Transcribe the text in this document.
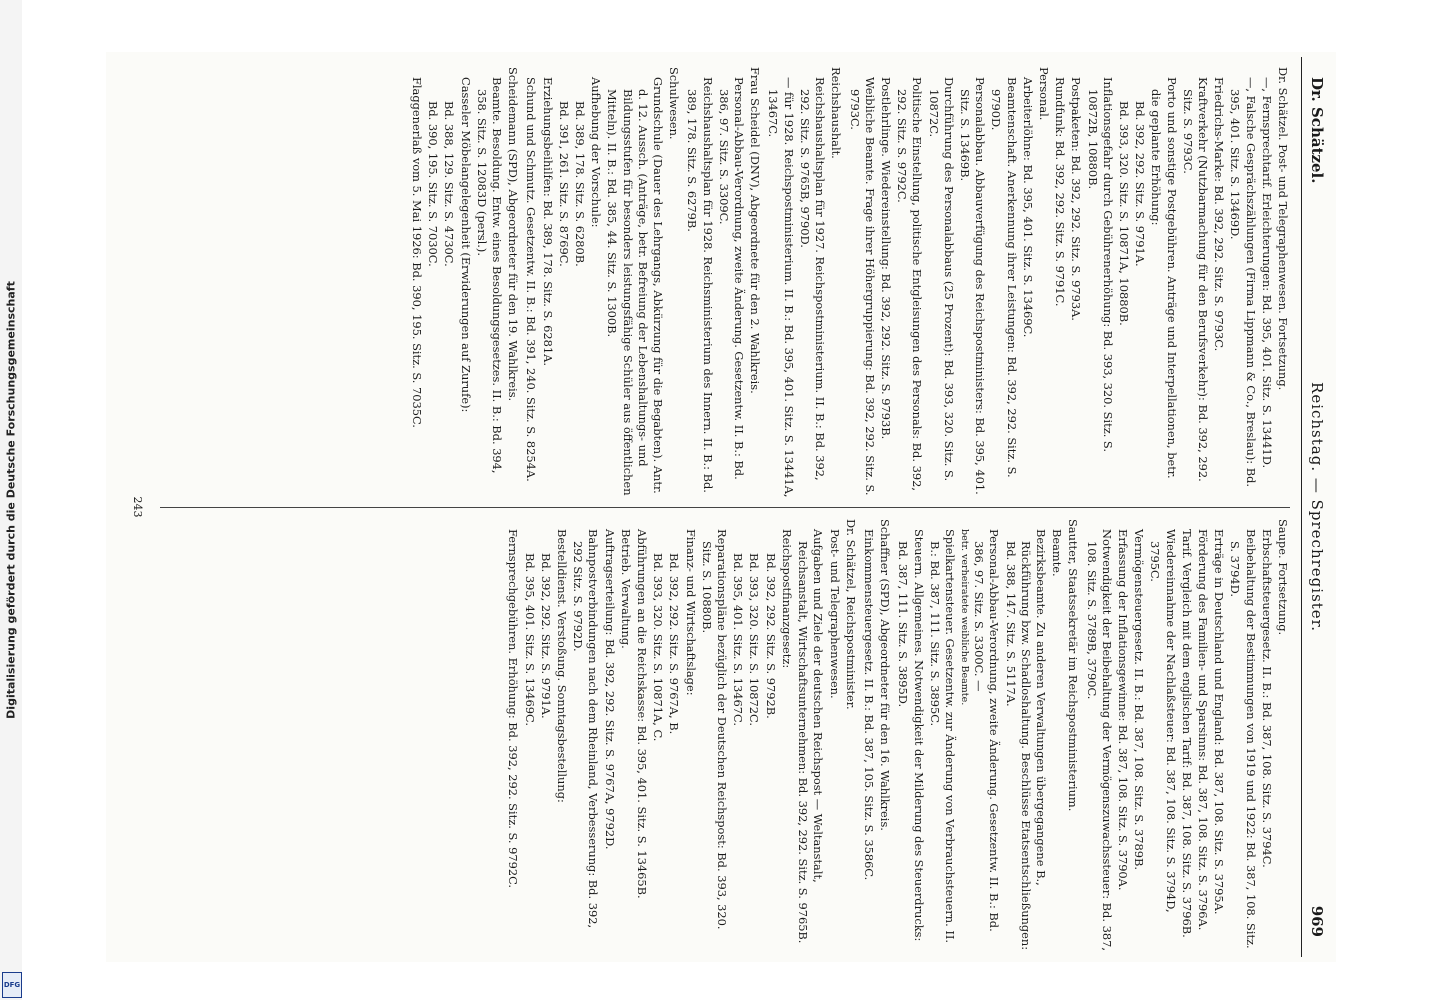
Digitalisierung gefördert durch die Deutsche Forschungsgemeinschaft
DFG
Dr. Schätzel.
Reichstag. — Sprechregister.
969
Dr. Schätzel. Post- und Telegraphenwesen. Fortsetzung.
—, Fernsprechtarif. Erleichterungen: Bd. 395, 401. Sitz. S. 13441D.
—, Falsche Gesprächszählungen (Firma Lippmann & Co., Breslau): Bd. 395, 401. Sitz. S. 13469D.
Friedrichs-Marke: Bd. 392, 292. Sitz. S. 9793C.
Kraftverkehr (Nutzbarmachung für den Berufsverkehr): Bd. 392, 292. Sitz. S. 9793C.
Porto und sonstige Postgebühren. Anträge und Interpellationen, betr. die geplante Erhöhung:
Bd. 392, 292. Sitz. S. 9791A.
Bd. 393, 320. Sitz. S. 10871A, 10880B.
Inflationsgefahr durch Gebührenerhöhung: Bd. 393, 320. Sitz. S. 10872B, 10880B.
Postpaketen: Bd. 392, 292. Sitz. S. 9793A.
Rundfunk: Bd. 392, 292. Sitz. S. 9791C.
Personal.
Arbeiterlöhne: Bd. 395, 401. Sitz. S. 13469C.
Beamtenschaft. Anerkennung ihrer Leistungen: Bd. 392, 292. Sitz. S. 9790D.
Personalabbau. Abbauverfügung des Reichspostministers: Bd. 395, 401. Sitz. S. 13469B.
Durchführung des Personalabbaus (25 Prozent): Bd. 393, 320. Sitz. S. 10872C.
Politische Einstellung, politische Entgleisungen des Personals: Bd. 392, 292. Sitz. S. 9792C.
Postlehrlinge. Wiedereinstellung: Bd. 392, 292. Sitz. S. 9793B.
Weibliche Beamte. Frage ihrer Höhergruppierung: Bd. 392, 292. Sitz. S. 9793C.
Reichshaushalt.
Reichshaushaltsplan für 1927. Reichspostministerium. II. B.: Bd. 392, 292. Sitz. S. 9765B, 9790D.
— für 1928. Reichspostministerium. II. B.: Bd. 395, 401. Sitz. S. 13441A, 13467C.
Frau Scheidel (DNV), Abgeordnete für den 2. Wahlkreis.
Personal-Abbau-Verordnung, zweite Änderung. Gesetzentw. II. B.: Bd. 386, 97. Sitz. S. 3309C.
Reichshaushaltsplan für 1928. Reichsministerium des Innern. II. B.: Bd. 389, 178. Sitz. S. 6279B.
Schulwesen.
Grundschule (Dauer des Lehrgangs, Abkürzung für die Begabten). Antr. d. 12. Aussch. (Anträge, betr. Befreiung der Lebenshaltungs- und Bildungsstufen für besonders leistungsfähige Schüler aus öffentlichen Mitteln). II. B.: Bd. 385, 44. Sitz. S. 1300B.
Aufhebung der Vorschule:
Bd. 389, 178. Sitz. S. 6280B.
Bd. 391, 261. Sitz. S. 8769C.
Erziehungsbeihilfen: Bd. 389, 178. Sitz. S. 6281A.
Schund und Schmutz. Gesetzentw. II. B.: Bd. 391, 240. Sitz. S. 8254A.
Scheidemann (SPD), Abgeordneter für den 19. Wahlkreis.
Beamte. Besoldung. Entw. eines Besoldungsgesetzes. II. B.: Bd. 394, 358. Sitz. S. 12083D (persl.).
Casseler Möbelangelegenheit (Erwiderungen auf Zurufe):
Bd. 388, 129. Sitz. S. 4730C.
Bd. 390, 195. Sitz. S. 7030C.
Flaggenerlaß vom 5. Mai 1926: Bd. 390, 195. Sitz. S. 7035C.
Saupe. Fortsetzung.
Erbschaftsteuergesetz. II. B.: Bd. 387, 108. Sitz. S. 3794C.
Beibehaltung der Bestimmungen von 1919 und 1922: Bd. 387, 108. Sitz. S. 3794D.
Erträge in Deutschland und England: Bd. 387, 108. Sitz. S. 3795A.
Förderung des Familien- und Sparsinns: Bd. 387, 108. Sitz. S. 3796A.
Tarif. Vergleich mit dem englischen Tarif: Bd. 387, 108. Sitz. S. 3796B.
Wiedereinnahme der Nachlaßsteuer: Bd. 387, 108. Sitz. S. 3794D, 3795C.
Vermögensteuergesetz. II. B.: Bd. 387, 108. Sitz. S. 3789B.
Erfassung der Inflationsgewinne: Bd. 387, 108. Sitz. S. 3790A.
Notwendigkeit der Beibehaltung der Vermögenszuwachssteuer: Bd. 387, 108. Sitz. S. 3789B, 3790C.
Sautter, Staatssekretär im Reichspostministerium.
Beamte.
Bezirksbeamte. Zu anderen Verwaltungen übergegangene B., Rückführung bzw. Schadloshaltung. Beschlüsse Etatsentschließungen: Bd. 388, 147. Sitz. S. 5117A.
Personal-Abbau-Verordnung, zweite Änderung. Gesetzentw. II. B.: Bd. 386, 97. Sitz. S. 3300C. —
betr. verheiratete weibliche Beamte.
Spielkartensteuer. Gesetzentw. zur Änderung von Verbrauchsteuern. II. B.: Bd. 387, 111. Sitz. S. 3895C.
Steuern. Allgemeines. Notwendigkeit der Milderung des Steuerdrucks: Bd. 387, 111. Sitz. S. 3895D.
Schaffner (SPD), Abgeordneter für den 16. Wahlkreis.
Einkommensteuergesetz. II. B.: Bd. 387, 105. Sitz. S. 3586C.
Dr. Schätzel, Reichspostminister.
Post- und Telegraphenwesen.
Aufgaben und Ziele der deutschen Reichspost — Weltanstalt, Reichsanstalt, Wirtschaftsunternehmen: Bd. 392, 292. Sitz. S. 9765B.
Reichspostfinanzgesetz:
Bd. 392, 292. Sitz. S. 9792B.
Bd. 393, 320. Sitz. S. 10872C.
Bd. 395, 401. Sitz. S. 13467C.
Reparationspläne bezüglich der Deutschen Reichspost: Bd. 393, 320. Sitz. S. 10880B.
Finanz- und Wirtschaftslage:
Bd. 392, 292. Sitz. S. 9767A, B.
Bd. 393, 320. Sitz. S. 10871A, C.
Abführungen an die Reichskasse: Bd. 395, 401. Sitz. S. 13465B.
Betrieb. Verwaltung.
Auftragserteilung: Bd. 392, 292. Sitz. S. 9767A, 9792D.
Bahnpostverbindungen nach dem Rheinland, Verbesserung: Bd. 392, 292 Sitz. S. 9792D.
Bestelldienst. Verstoßung. Sonntagsbestellung:
Bd. 392, 292. Sitz. S. 9791A.
Bd. 395, 401. Sitz. S. 13469C.
Fernsprechgebühren. Erhöhung: Bd. 392, 292. Sitz. S. 9792C.
243
